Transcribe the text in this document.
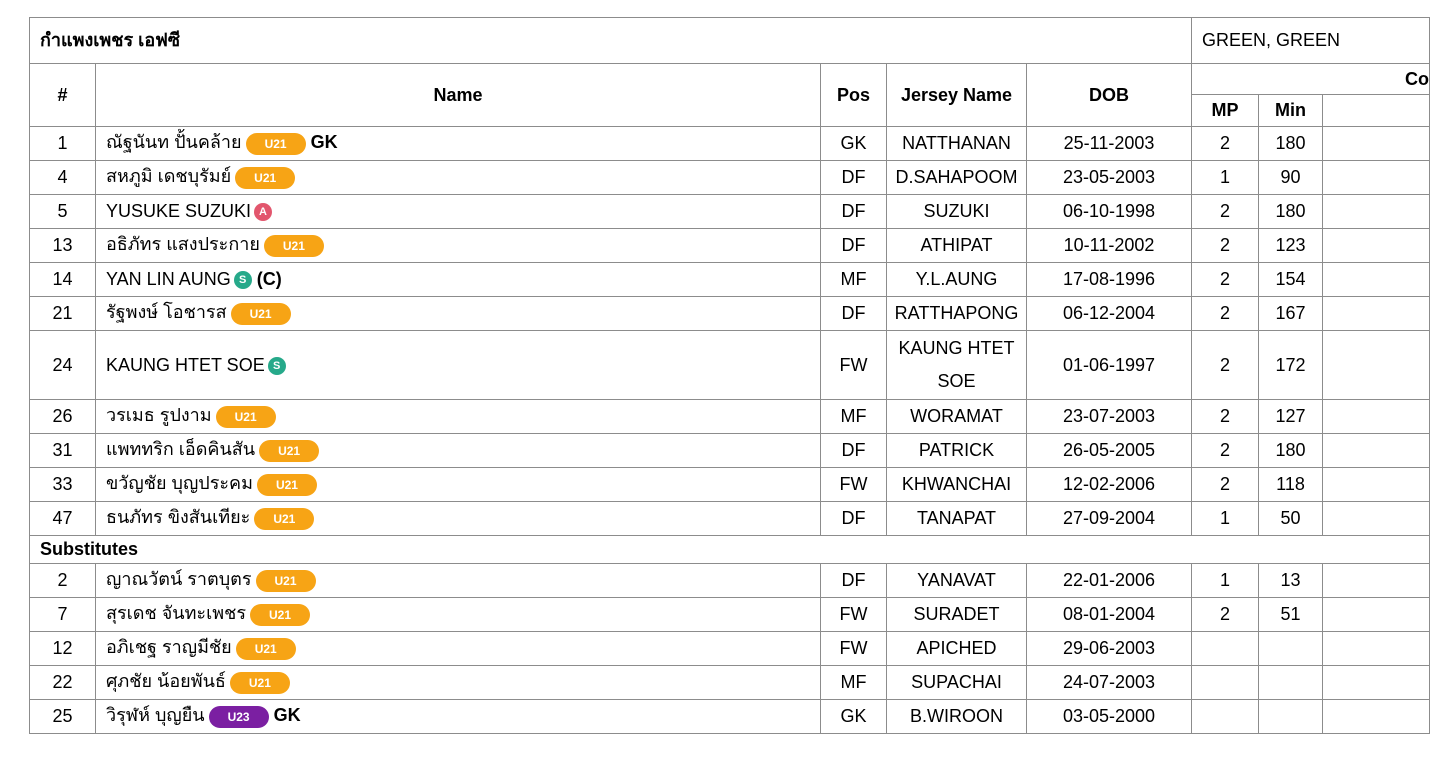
กำแพงเพชร เอฟซี					GREEN, GREEN		
#	Name	Pos	Jersey Name	DOB	Co		
					MP	Min	
1	ณัฐนันท ปั้นคล้าย U21 GK	GK	NATTHANAN	25-11-2003	2	180	
4	สหภูมิ เดชบุรัมย์ U21	DF	D.SAHAPOOM	23-05-2003	1	90	
5	YUSUKE SUZUKI A	DF	SUZUKI	06-10-1998	2	180	
13	อธิภัทร แสงประกาย U21	DF	ATHIPAT	10-11-2002	2	123	
14	YAN LIN AUNG S (C)	MF	Y.L.AUNG	17-08-1996	2	154	
21	รัฐพงษ์ โอชารส U21	DF	RATTHAPONG	06-12-2004	2	167	
24	KAUNG HTET SOE S	FW	KAUNG HTET SOE	01-06-1997	2	172	
26	วรเมธ รูปงาม U21	MF	WORAMAT	23-07-2003	2	127	
31	แพททริก เอ็ดคินสัน U21	DF	PATRICK	26-05-2005	2	180	
33	ขวัญชัย บุญประคม U21	FW	KHWANCHAI	12-02-2006	2	118	
47	ธนภัทร ขิงสันเทียะ U21	DF	TANAPAT	27-09-2004	1	50	
Substitutes							
2	ญาณวัตน์ ราตบุตร U21	DF	YANAVAT	22-01-2006	1	13	
7	สุรเดช จันทะเพชร U21	FW	SURADET	08-01-2004	2	51	
12	อภิเชฐ ราญมีชัย U21	FW	APICHED	29-06-2003			
22	ศุภชัย น้อยพันธ์ U21	MF	SUPACHAI	24-07-2003			
25	วิรุฬห์ บุญยืน U23 GK	GK	B.WIROON	03-05-2000			
